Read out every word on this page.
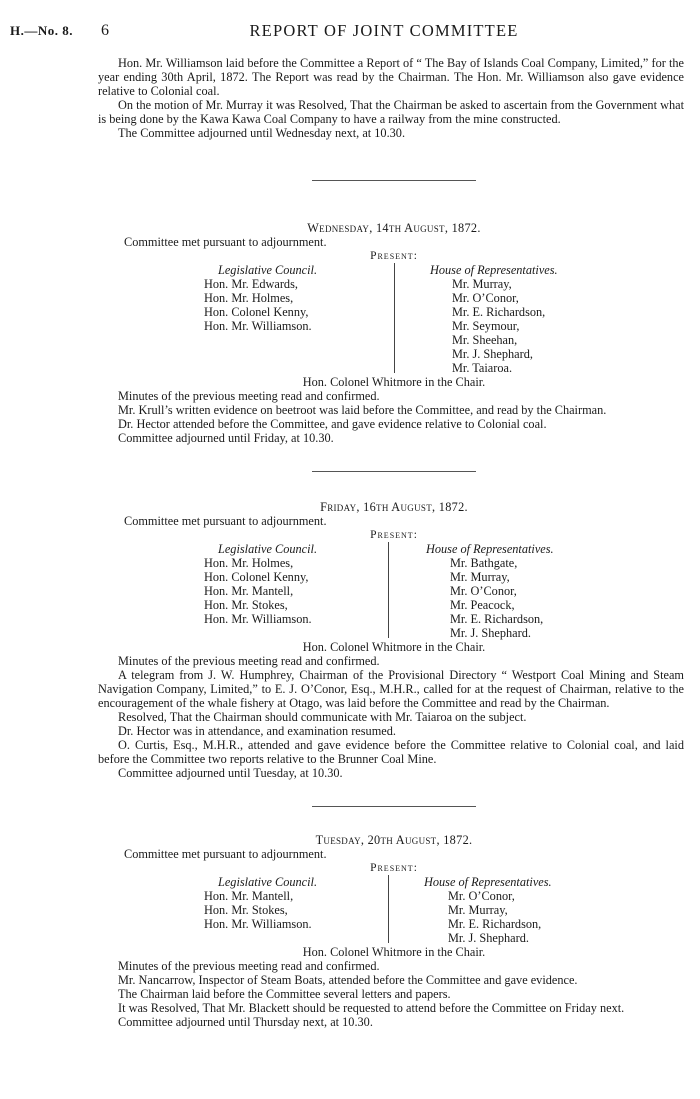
H.—No. 8. 6	REPORT OF JOINT COMMITTEE

Hon. Mr. Williamson laid before the Committee a Report of “ The Bay of Islands Coal Company, Limited,” for the year ending 30th April, 1872. The Report was read by the Chairman. The Hon. Mr. Williamson also gave evidence relative to Colonial coal.

On the motion of Mr. Murray it was Resolved, That the Chairman be asked to ascertain from the Government what is being done by the Kawa Kawa Coal Company to have a railway from the mine constructed.

The Committee adjourned until Wednesday next, at 10.30.

Wednesday, 14th August, 1872.

Committee met pursuant to adjournment.

Present:
Legislative Council.
Hon. Mr. Edwards,
Hon. Mr. Holmes,
Hon. Colonel Kenny,
Hon. Mr. Williamson.
House of Representatives.
Mr. Murray,
Mr. O’Conor,
Mr. E. Richardson,
Mr. Seymour,
Mr. Sheehan,
Mr. J. Shephard,
Mr. Taiaroa.
Hon. Colonel Whitmore in the Chair.

Minutes of the previous meeting read and confirmed.

Mr. Krull’s written evidence on beetroot was laid before the Committee, and read by the Chairman.

Dr. Hector attended before the Committee, and gave evidence relative to Colonial coal.

Committee adjourned until Friday, at 10.30.

Friday, 16th August, 1872.

Committee met pursuant to adjournment.

Present:
Legislative Council.
Hon. Mr. Holmes,
Hon. Colonel Kenny,
Hon. Mr. Mantell,
Hon. Mr. Stokes,
Hon. Mr. Williamson.
House of Representatives.
Mr. Bathgate,
Mr. Murray,
Mr. O’Conor,
Mr. Peacock,
Mr. E. Richardson,
Mr. J. Shephard.
Hon. Colonel Whitmore in the Chair.

Minutes of the previous meeting read and confirmed.

A telegram from J. W. Humphrey, Chairman of the Provisional Directory “ Westport Coal Mining and Steam Navigation Company, Limited,” to E. J. O’Conor, Esq., M.H.R., called for at the request of Chairman, relative to the encouragement of the whale fishery at Otago, was laid before the Committee and read by the Chairman.

Resolved, That the Chairman should communicate with Mr. Taiaroa on the subject.

Dr. Hector was in attendance, and examination resumed.

O. Curtis, Esq., M.H.R., attended and gave evidence before the Committee relative to Colonial coal, and laid before the Committee two reports relative to the Brunner Coal Mine.

Committee adjourned until Tuesday, at 10.30.

Tuesday, 20th August, 1872.

Committee met pursuant to adjournment.

Present:
Legislative Council.
Hon. Mr. Mantell,
Hon. Mr. Stokes,
Hon. Mr. Williamson.
House of Representatives.
Mr. O’Conor,
Mr. Murray,
Mr. E. Richardson,
Mr. J. Shephard.
Hon. Colonel Whitmore in the Chair.

Minutes of the previous meeting read and confirmed.

Mr. Nancarrow, Inspector of Steam Boats, attended before the Committee and gave evidence.

The Chairman laid before the Committee several letters and papers.

It was Resolved, That Mr. Blackett should be requested to attend before the Committee on Friday next.

Committee adjourned until Thursday next, at 10.30.
